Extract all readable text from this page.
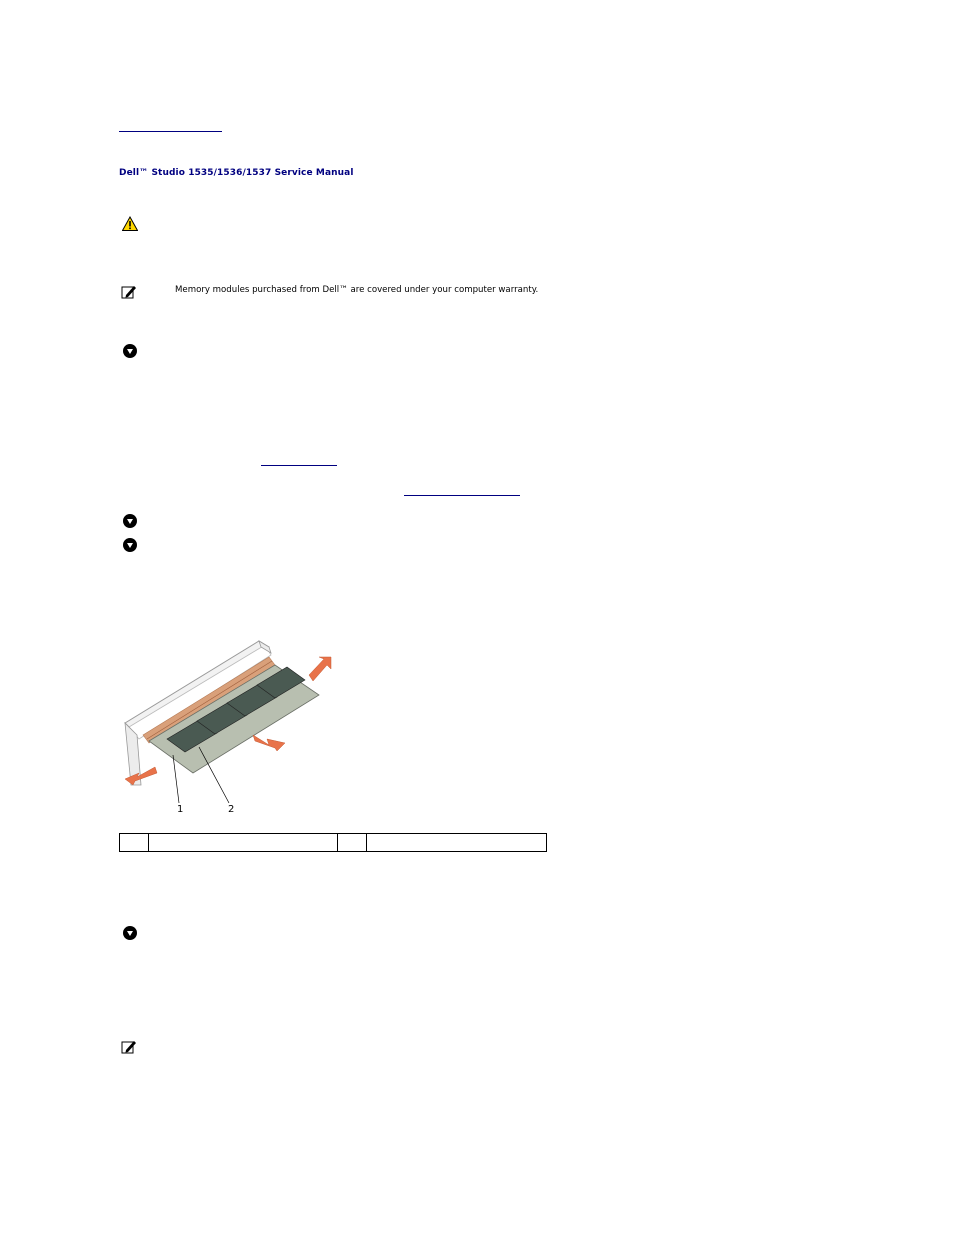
Dell™ Studio 1535/1536/1537 Service Manual
Memory modules purchased from Dell™ are covered under your computer warranty.
1	2
